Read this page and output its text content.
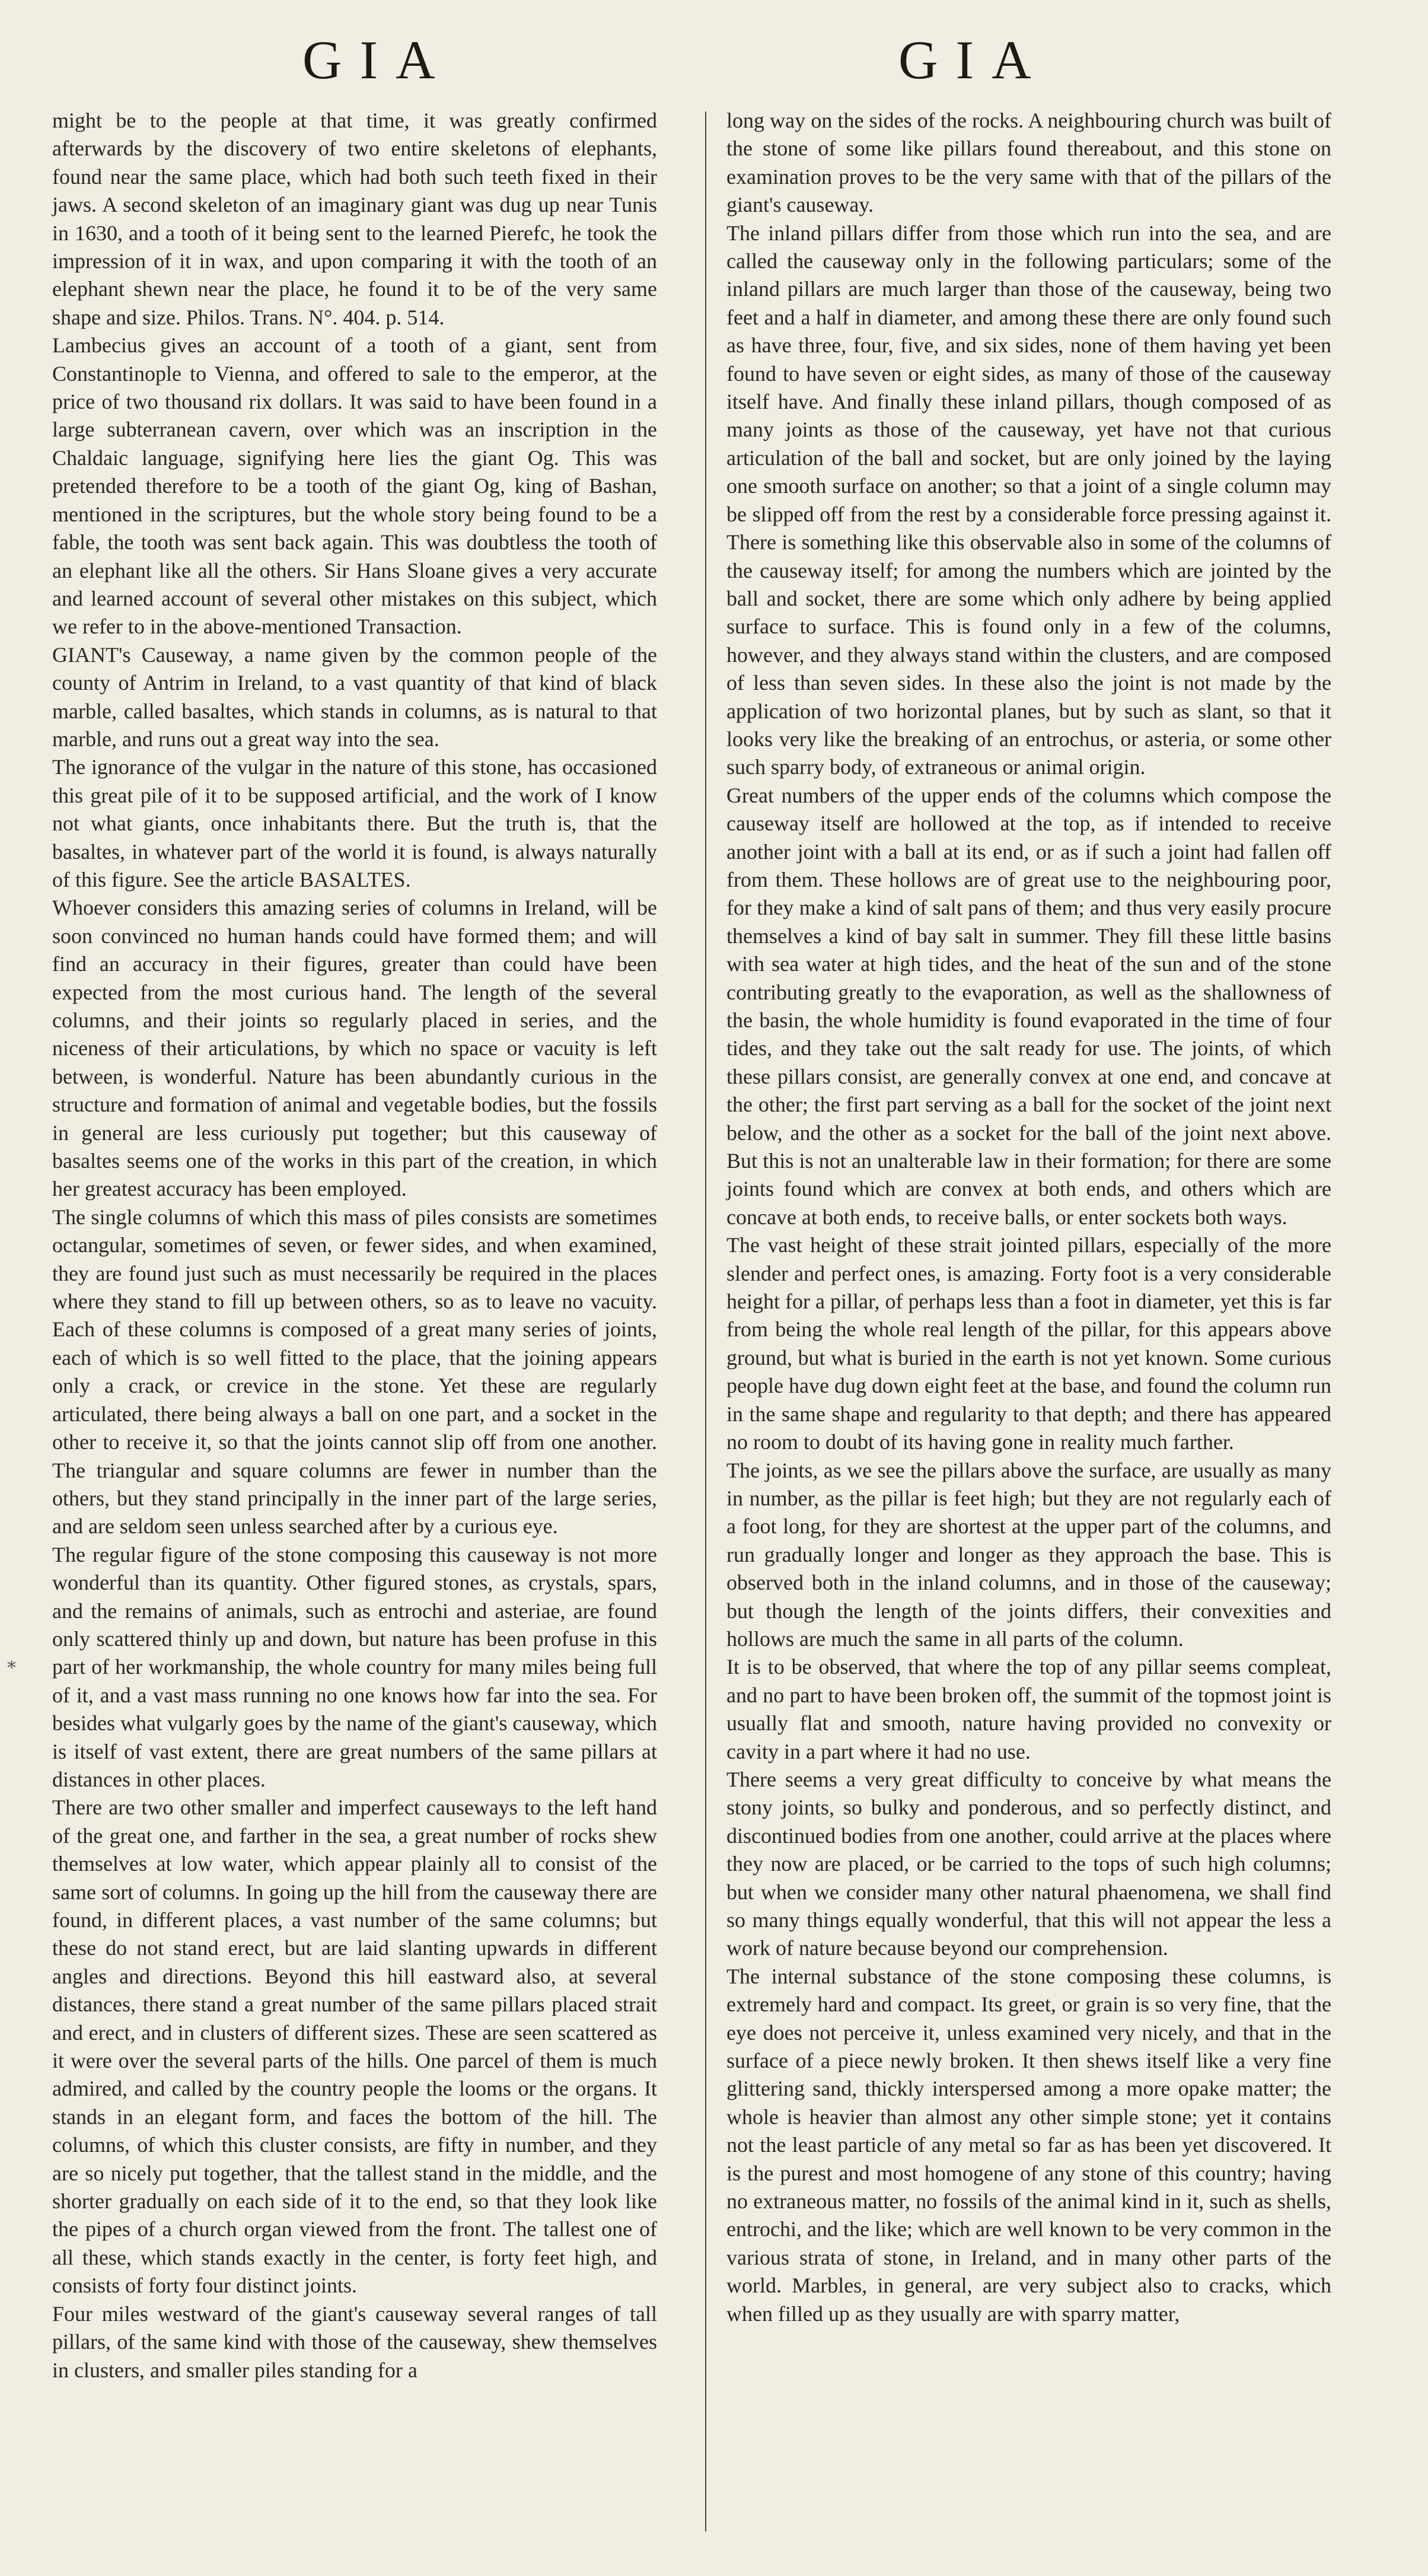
GIA	GIA
⁎

might be to the people at that time, it was greatly confirmed afterwards by the discovery of two entire skeletons of elephants, found near the same place, which had both such teeth fixed in their jaws. A second skeleton of an imaginary giant was dug up near Tunis in 1630, and a tooth of it being sent to the learned Pierefc, he took the impression of it in wax, and upon comparing it with the tooth of an elephant shewn near the place, he found it to be of the very same shape and size. Philos. Trans. N°. 404. p. 514.

Lambecius gives an account of a tooth of a giant, sent from Constantinople to Vienna, and offered to sale to the emperor, at the price of two thousand rix dollars. It was said to have been found in a large subterranean cavern, over which was an inscription in the Chaldaic language, signifying here lies the giant Og. This was pretended therefore to be a tooth of the giant Og, king of Bashan, mentioned in the scriptures, but the whole story being found to be a fable, the tooth was sent back again. This was doubtless the tooth of an elephant like all the others. Sir Hans Sloane gives a very accurate and learned account of several other mistakes on this subject, which we refer to in the above-mentioned Transaction.

GIANT's Causeway, a name given by the common people of the county of Antrim in Ireland, to a vast quantity of that kind of black marble, called basaltes, which stands in columns, as is natural to that marble, and runs out a great way into the sea.

The ignorance of the vulgar in the nature of this stone, has occasioned this great pile of it to be supposed artificial, and the work of I know not what giants, once inhabitants there. But the truth is, that the basaltes, in whatever part of the world it is found, is always naturally of this figure. See the article BASALTES.

Whoever considers this amazing series of columns in Ireland, will be soon convinced no human hands could have formed them; and will find an accuracy in their figures, greater than could have been expected from the most curious hand. The length of the several columns, and their joints so regularly placed in series, and the niceness of their articulations, by which no space or vacuity is left between, is wonderful. Nature has been abundantly curious in the structure and formation of animal and vegetable bodies, but the fossils in general are less curiously put together; but this causeway of basaltes seems one of the works in this part of the creation, in which her greatest accuracy has been employed.

The single columns of which this mass of piles consists are sometimes octangular, sometimes of seven, or fewer sides, and when examined, they are found just such as must necessarily be required in the places where they stand to fill up between others, so as to leave no vacuity. Each of these columns is composed of a great many series of joints, each of which is so well fitted to the place, that the joining appears only a crack, or crevice in the stone. Yet these are regularly articulated, there being always a ball on one part, and a socket in the other to receive it, so that the joints cannot slip off from one another. The triangular and square columns are fewer in number than the others, but they stand principally in the inner part of the large series, and are seldom seen unless searched after by a curious eye.

The regular figure of the stone composing this causeway is not more wonderful than its quantity. Other figured stones, as crystals, spars, and the remains of animals, such as entrochi and asteriae, are found only scattered thinly up and down, but nature has been profuse in this part of her workmanship, the whole country for many miles being full of it, and a vast mass running no one knows how far into the sea. For besides what vulgarly goes by the name of the giant's causeway, which is itself of vast extent, there are great numbers of the same pillars at distances in other places.

There are two other smaller and imperfect causeways to the left hand of the great one, and farther in the sea, a great number of rocks shew themselves at low water, which appear plainly all to consist of the same sort of columns. In going up the hill from the causeway there are found, in different places, a vast number of the same columns; but these do not stand erect, but are laid slanting upwards in different angles and directions. Beyond this hill eastward also, at several distances, there stand a great number of the same pillars placed strait and erect, and in clusters of different sizes. These are seen scattered as it were over the several parts of the hills. One parcel of them is much admired, and called by the country people the looms or the organs. It stands in an elegant form, and faces the bottom of the hill. The columns, of which this cluster consists, are fifty in number, and they are so nicely put together, that the tallest stand in the middle, and the shorter gradually on each side of it to the end, so that they look like the pipes of a church organ viewed from the front. The tallest one of all these, which stands exactly in the center, is forty feet high, and consists of forty four distinct joints.

Four miles westward of the giant's causeway several ranges of tall pillars, of the same kind with those of the causeway, shew themselves in clusters, and smaller piles standing for a

long way on the sides of the rocks. A neighbouring church was built of the stone of some like pillars found thereabout, and this stone on examination proves to be the very same with that of the pillars of the giant's causeway.

The inland pillars differ from those which run into the sea, and are called the causeway only in the following particulars; some of the inland pillars are much larger than those of the causeway, being two feet and a half in diameter, and among these there are only found such as have three, four, five, and six sides, none of them having yet been found to have seven or eight sides, as many of those of the causeway itself have. And finally these inland pillars, though composed of as many joints as those of the causeway, yet have not that curious articulation of the ball and socket, but are only joined by the laying one smooth surface on another; so that a joint of a single column may be slipped off from the rest by a considerable force pressing against it. There is something like this observable also in some of the columns of the causeway itself; for among the numbers which are jointed by the ball and socket, there are some which only adhere by being applied surface to surface. This is found only in a few of the columns, however, and they always stand within the clusters, and are composed of less than seven sides. In these also the joint is not made by the application of two horizontal planes, but by such as slant, so that it looks very like the breaking of an entrochus, or asteria, or some other such sparry body, of extraneous or animal origin.

Great numbers of the upper ends of the columns which compose the causeway itself are hollowed at the top, as if intended to receive another joint with a ball at its end, or as if such a joint had fallen off from them. These hollows are of great use to the neighbouring poor, for they make a kind of salt pans of them; and thus very easily procure themselves a kind of bay salt in summer. They fill these little basins with sea water at high tides, and the heat of the sun and of the stone contributing greatly to the evaporation, as well as the shallowness of the basin, the whole humidity is found evaporated in the time of four tides, and they take out the salt ready for use. The joints, of which these pillars consist, are generally convex at one end, and concave at the other; the first part serving as a ball for the socket of the joint next below, and the other as a socket for the ball of the joint next above. But this is not an unalterable law in their formation; for there are some joints found which are convex at both ends, and others which are concave at both ends, to receive balls, or enter sockets both ways.

The vast height of these strait jointed pillars, especially of the more slender and perfect ones, is amazing. Forty foot is a very considerable height for a pillar, of perhaps less than a foot in diameter, yet this is far from being the whole real length of the pillar, for this appears above ground, but what is buried in the earth is not yet known. Some curious people have dug down eight feet at the base, and found the column run in the same shape and regularity to that depth; and there has appeared no room to doubt of its having gone in reality much farther.

The joints, as we see the pillars above the surface, are usually as many in number, as the pillar is feet high; but they are not regularly each of a foot long, for they are shortest at the upper part of the columns, and run gradually longer and longer as they approach the base. This is observed both in the inland columns, and in those of the causeway; but though the length of the joints differs, their convexities and hollows are much the same in all parts of the column.

It is to be observed, that where the top of any pillar seems compleat, and no part to have been broken off, the summit of the topmost joint is usually flat and smooth, nature having provided no convexity or cavity in a part where it had no use.

There seems a very great difficulty to conceive by what means the stony joints, so bulky and ponderous, and so perfectly distinct, and discontinued bodies from one another, could arrive at the places where they now are placed, or be carried to the tops of such high columns; but when we consider many other natural phaenomena, we shall find so many things equally wonderful, that this will not appear the less a work of nature because beyond our comprehension.

The internal substance of the stone composing these columns, is extremely hard and compact. Its greet, or grain is so very fine, that the eye does not perceive it, unless examined very nicely, and that in the surface of a piece newly broken. It then shews itself like a very fine glittering sand, thickly interspersed among a more opake matter; the whole is heavier than almost any other simple stone; yet it contains not the least particle of any metal so far as has been yet discovered. It is the purest and most homogene of any stone of this country; having no extraneous matter, no fossils of the animal kind in it, such as shells, entrochi, and the like; which are well known to be very common in the various strata of stone, in Ireland, and in many other parts of the world. Marbles, in general, are very subject also to cracks, which when filled up as they usually are with sparry matter,
